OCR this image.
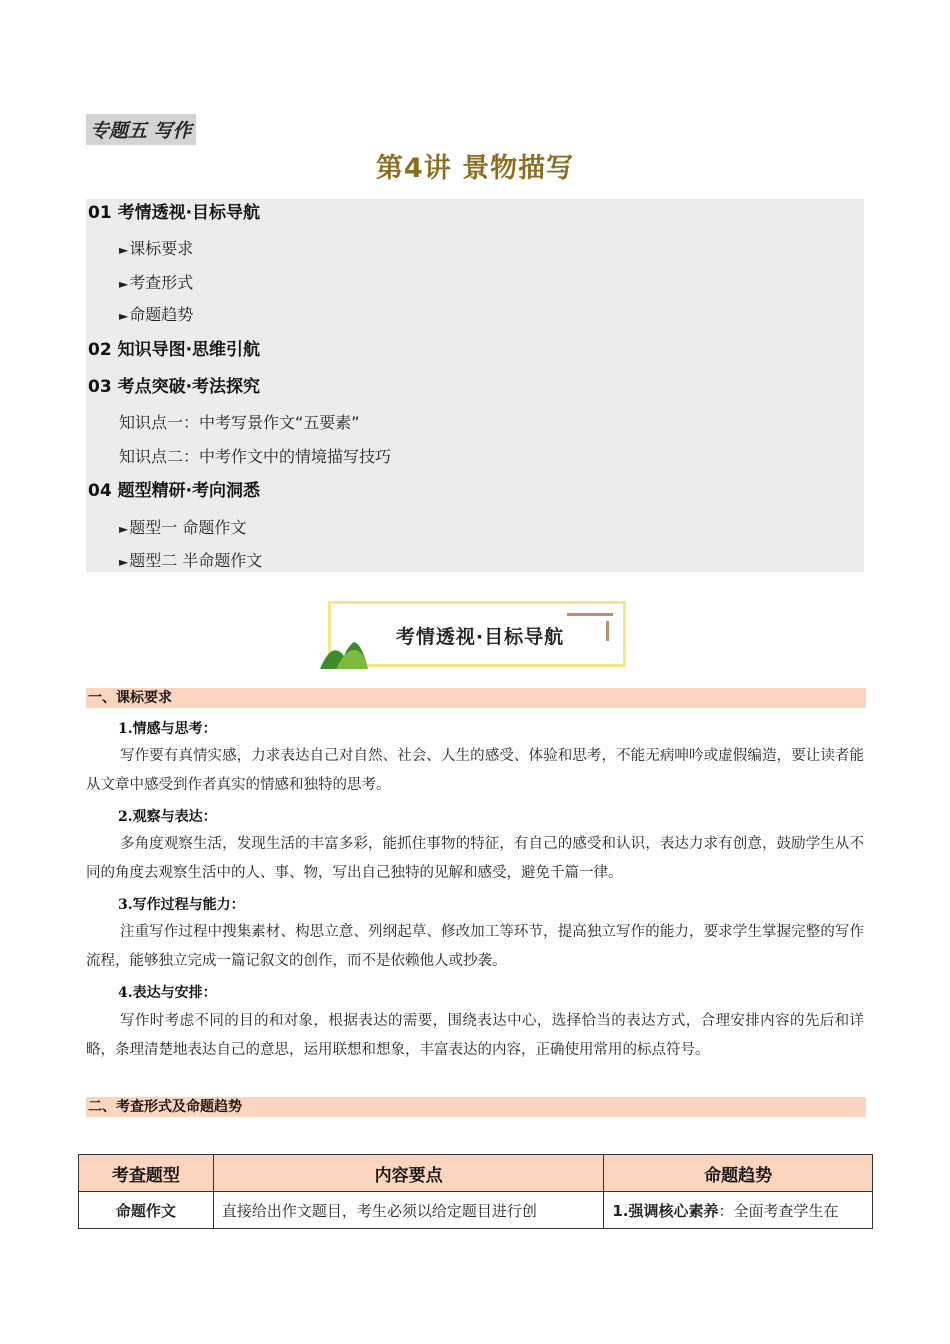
专题五 写作
第4讲 景物描写
01 考情透视·目标导航
►课标要求
►考查形式
►命题趋势
02 知识导图·思维引航
03 考点突破·考法探究
知识点一：中考写景作文“五要素”
知识点二：中考作文中的情境描写技巧
04 题型精研·考向洞悉
►题型一 命题作文
►题型二 半命题作文
考情透视·目标导航
一、课标要求
1.情感与思考：
写作要有真情实感，力求表达自己对自然、社会、人生的感受、体验和思考，不能无病呻吟或虚假编造，要让读者能从文章中感受到作者真实的情感和独特的思考。
2.观察与表达：
多角度观察生活，发现生活的丰富多彩，能抓住事物的特征，有自己的感受和认识，表达力求有创意，鼓励学生从不同的角度去观察生活中的人、事、物，写出自己独特的见解和感受，避免千篇一律。
3.写作过程与能力：
注重写作过程中搜集素材、构思立意、列纲起草、修改加工等环节，提高独立写作的能力，要求学生掌握完整的写作流程，能够独立完成一篇记叙文的创作，而不是依赖他人或抄袭。
4.表达与安排：
写作时考虑不同的目的和对象，根据表达的需要，围绕表达中心，选择恰当的表达方式，合理安排内容的先后和详略，条理清楚地表达自己的意思，运用联想和想象，丰富表达的内容，正确使用常用的标点符号。
二、考查形式及命题趋势
考查题型	内容要点	命题趋势
命题作文	直接给出作文题目，考生必须以给定题目进行创	1.强调核心素养：全面考查学生在
